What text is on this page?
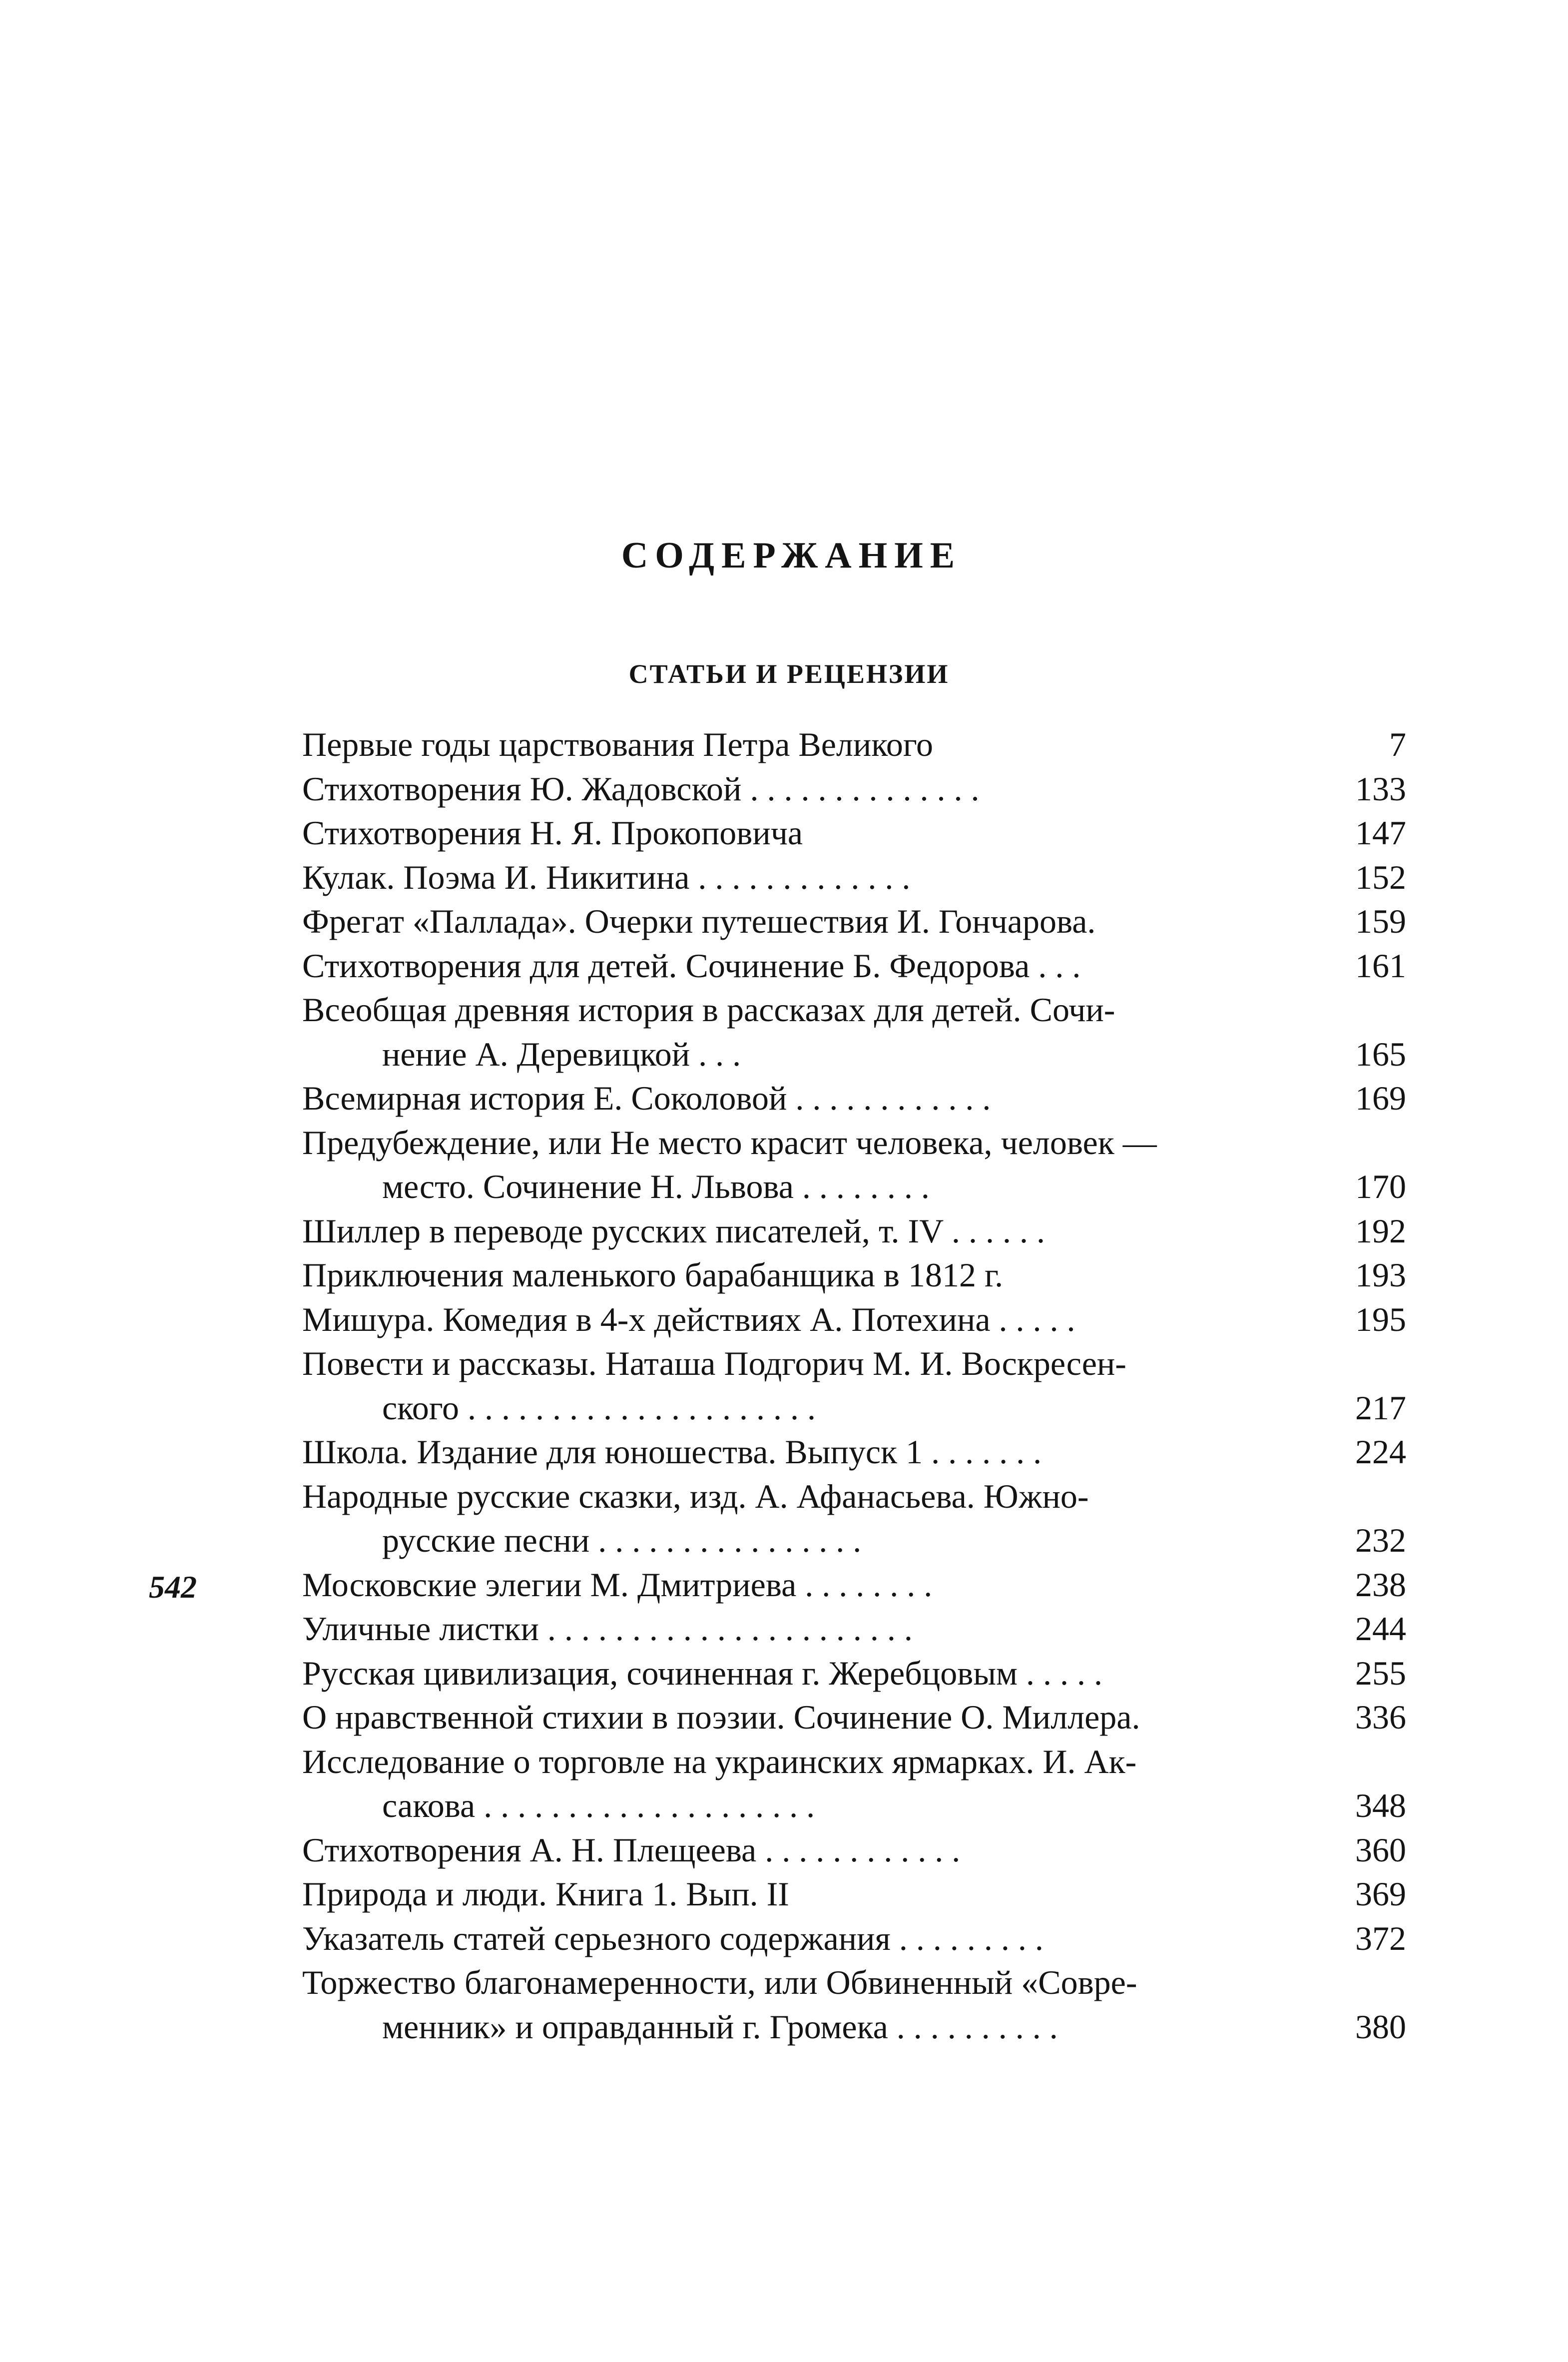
СОДЕРЖАНИЕ
СТАТЬИ И РЕЦЕНЗИИ
Первые годы царствования Петра Великого	7
Стихотворения Ю. Жадовской . . . . . . . . . . . . . .	133
Стихотворения Н. Я. Прокоповича	147
Кулак. Поэма И. Никитина . . . . . . . . . . . . .	152
Фрегат «Паллада». Очерки путешествия И. Гончарова.	159
Стихотворения для детей. Сочинение Б. Федорова . . .	161
Всеобщая древняя история в рассказах для детей. Сочи-
нение А. Деревицкой . . .	165
Всемирная история Е. Соколовой . . . . . . . . . . . .	169
Предубеждение, или Не место красит человека, человек —
место. Сочинение Н. Львова . . . . . . . .	170
Шиллер в переводе русских писателей, т. IV . . . . . .	192
Приключения маленького барабанщика в 1812 г.	193
Мишура. Комедия в 4-х действиях А. Потехина . . . . .	195
Повести и рассказы. Наташа Подгорич М. И. Воскресен-
ского . . . . . . . . . . . . . . . . . . . . .	217
Школа. Издание для юношества. Выпуск 1 . . . . . . .	224
Народные русские сказки, изд. А. Афанасьева. Южно-
русские песни . . . . . . . . . . . . . . . .	232
Московские элегии М. Дмитриева . . . . . . . .	238
Уличные листки . . . . . . . . . . . . . . . . . . . . . .	244
Русская цивилизация, сочиненная г. Жеребцовым . . . . .	255
О нравственной стихии в поэзии. Сочинение О. Миллера.	336
Исследование о торговле на украинских ярмарках. И. Ак-
сакова . . . . . . . . . . . . . . . . . . . .	348
Стихотворения А. Н. Плещеева . . . . . . . . . . . .	360
Природа и люди. Книга 1. Вып. II	369
Указатель статей серьезного содержания . . . . . . . . .	372
Торжество благонамеренности, или Обвиненный «Совре-
менник» и оправданный г. Громека . . . . . . . . . .	380
542
